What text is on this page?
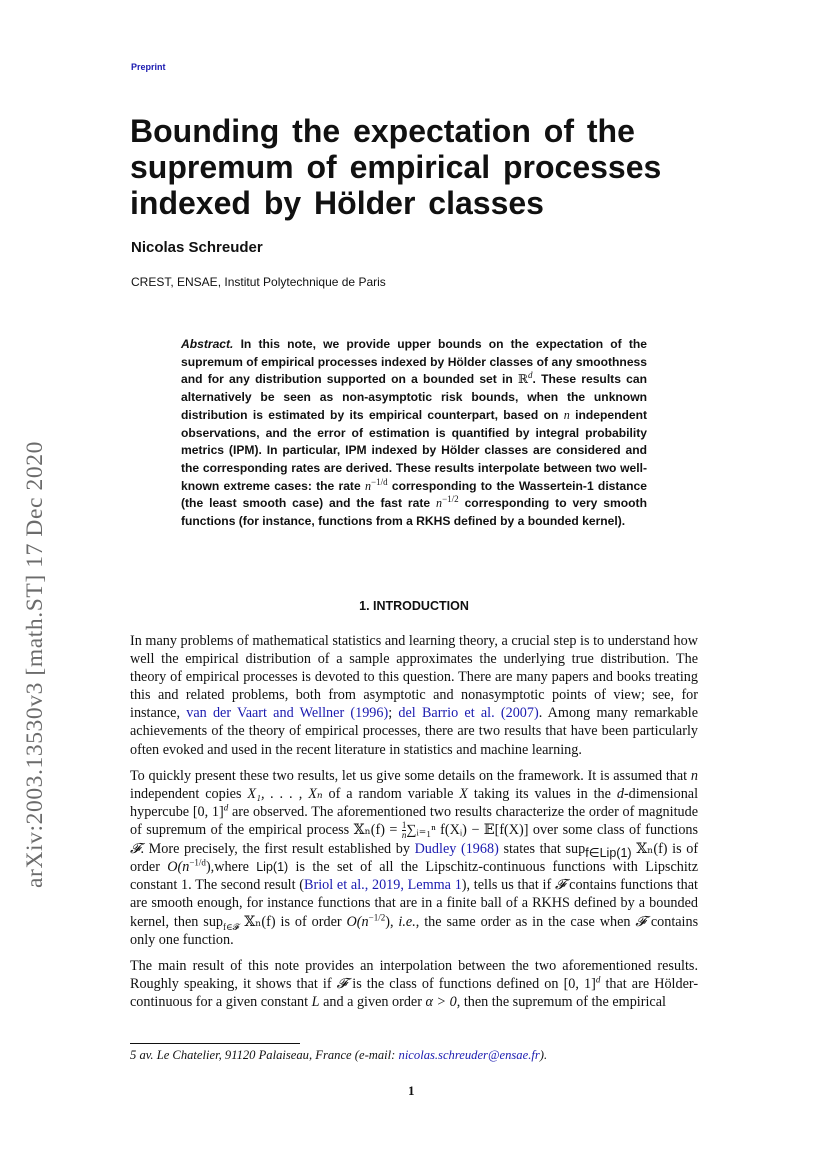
Preprint
arXiv:2003.13530v3 [math.ST] 17 Dec 2020
Bounding the expectation of the supremum of empirical processes indexed by Hölder classes
Nicolas Schreuder
CREST, ENSAE, Institut Polytechnique de Paris

Abstract. In this note, we provide upper bounds on the expectation of the supremum of empirical processes indexed by Hölder classes of any smoothness and for any distribution supported on a bounded set in ℝ$^d$. These results can alternatively be seen as non-asymptotic risk bounds, when the unknown distribution is estimated by its empirical counterpart, based on n independent observations, and the error of estimation is quantified by integral probability metrics (IPM). In particular, IPM indexed by Hölder classes are considered and the corresponding rates are derived. These results interpolate between two well-known extreme cases: the rate $n^{-1/d}$ corresponding to the Wassertein-1 distance (the least smooth case) and the fast rate $n^{-1/2}$ corresponding to very smooth functions (for instance, functions from a RKHS defined by a bounded kernel).

1. INTRODUCTION

In many problems of mathematical statistics and learning theory, a crucial step is to understand how well the empirical distribution of a sample approximates the underlying true distribution. The theory of empirical processes is devoted to this question. There are many papers and books treating this and related problems, both from asymptotic and nonasymptotic points of view; see, for instance, van der Vaart and Wellner (1996); del Barrio et al. (2007). Among many remarkable achievements of the theory of empirical processes, there are two results that have been particularly often evoked and used in the recent literature in statistics and machine learning.

To quickly present these two results, let us give some details on the framework. It is assumed that n independent copies X₁, . . . , Xₙ of a random variable X taking its values in the d-dimensional hypercube [0, 1]$^d$ are observed. The aforementioned two results characterize the order of magnitude of supremum of the empirical process 𝕏ₙ(f) = $\frac{1}{n}$ ∑ᵢ₌₁ⁿ f(Xᵢ) − 𝔼[f(X)] over some class of functions 𝓕. More precisely, the first result established by Dudley (1968) states that sup$_{f\in Lip(1)}$ 𝕏ₙ(f) is of order $O(n^{-1/d}),where$ Lip(1) is the set of all the Lipschitz-continuous functions with Lipschitz constant 1. The second result (Briol et al., 2019, Lemma 1), tells us that if 𝓕 contains functions that are smooth enough, for instance functions that are in a finite ball of a RKHS defined by a bounded kernel, then sup$_{f\in 𝓕}$ 𝕏ₙ(f) is of order $O(n^{-1/2})$, i.e., the same order as in the case when 𝓕 contains only one function.

The main result of this note provides an interpolation between the two aforementioned results. Roughly speaking, it shows that if 𝓕 is the class of functions defined on [0, 1]$^d$ that are Hölder-continuous for a given constant L and a given order α > 0, then the supremum of the empirical

5 av. Le Chatelier, 91120 Palaiseau, France (e-mail: nicolas.schreuder@ensae.fr).
1
